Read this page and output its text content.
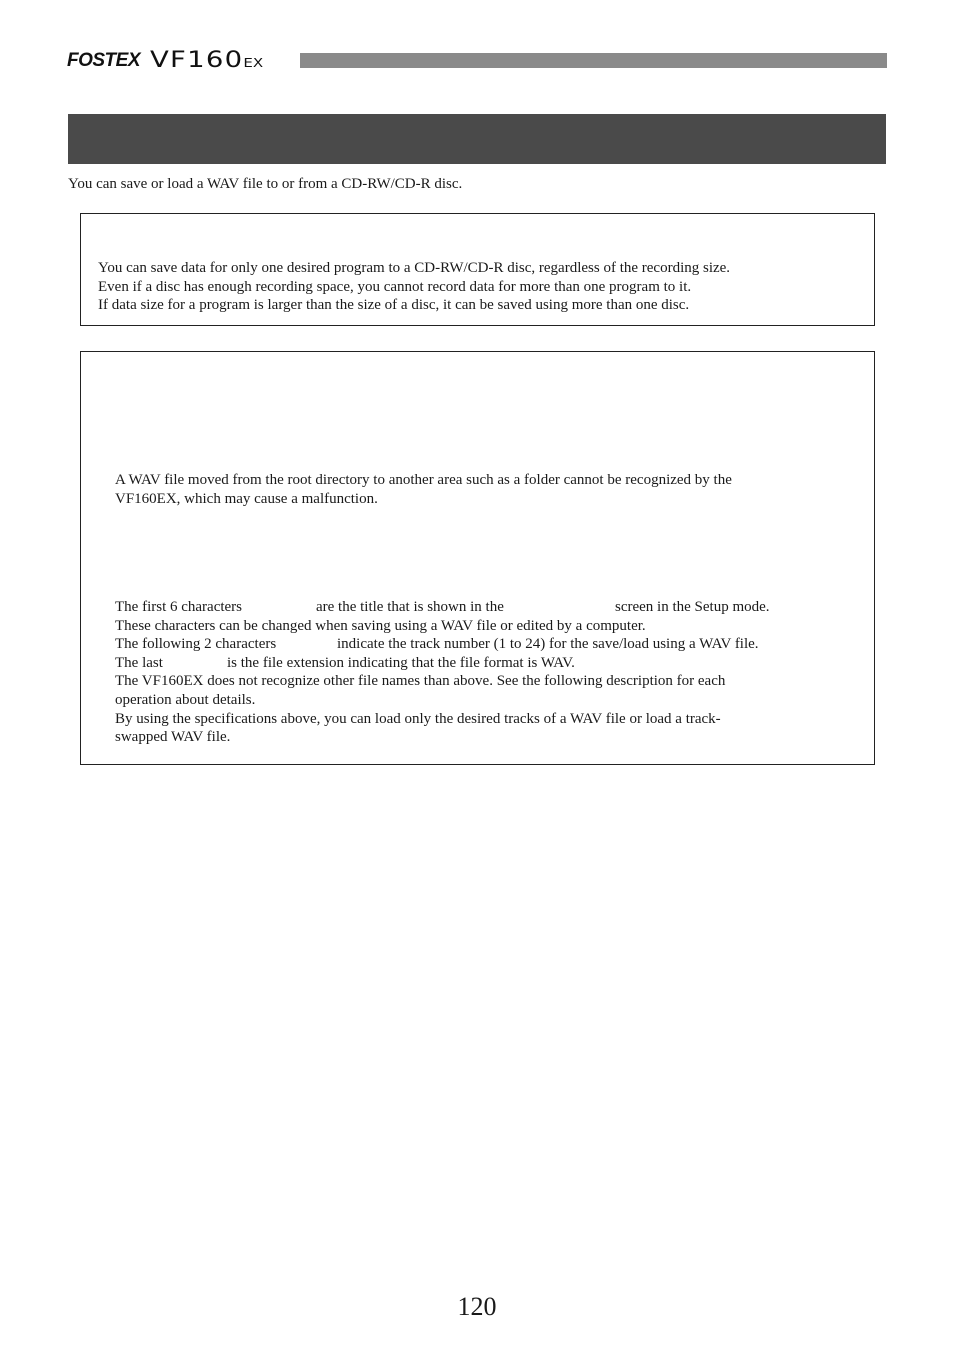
FOSTEX VF160EX
You can save or load a WAV file to or from a CD-RW/CD-R disc.
You can save data for only one desired program to a CD-RW/CD-R disc, regardless of the recording size.
Even if a disc has enough recording space, you cannot record data for more than one program to it.
If data size for a program is larger than the size of a disc, it can be saved using more than one disc.
A WAV file moved from the root directory to another area such as a folder cannot be recognized by the
VF160EX, which may cause a malfunction.
The first 6 characters	are the title that is shown in the	screen in the Setup mode.
These characters can be changed when saving using a WAV file or edited by a computer.
The following 2 characters	indicate the track number (1 to 24) for the save/load using a WAV file.
The last	is the file extension indicating that the file format is WAV.
The VF160EX does not recognize other file names than above. See the following description for each
operation about details.
By using the specifications above, you can load only the desired tracks of a WAV file or load a track-
swapped WAV file.
120
